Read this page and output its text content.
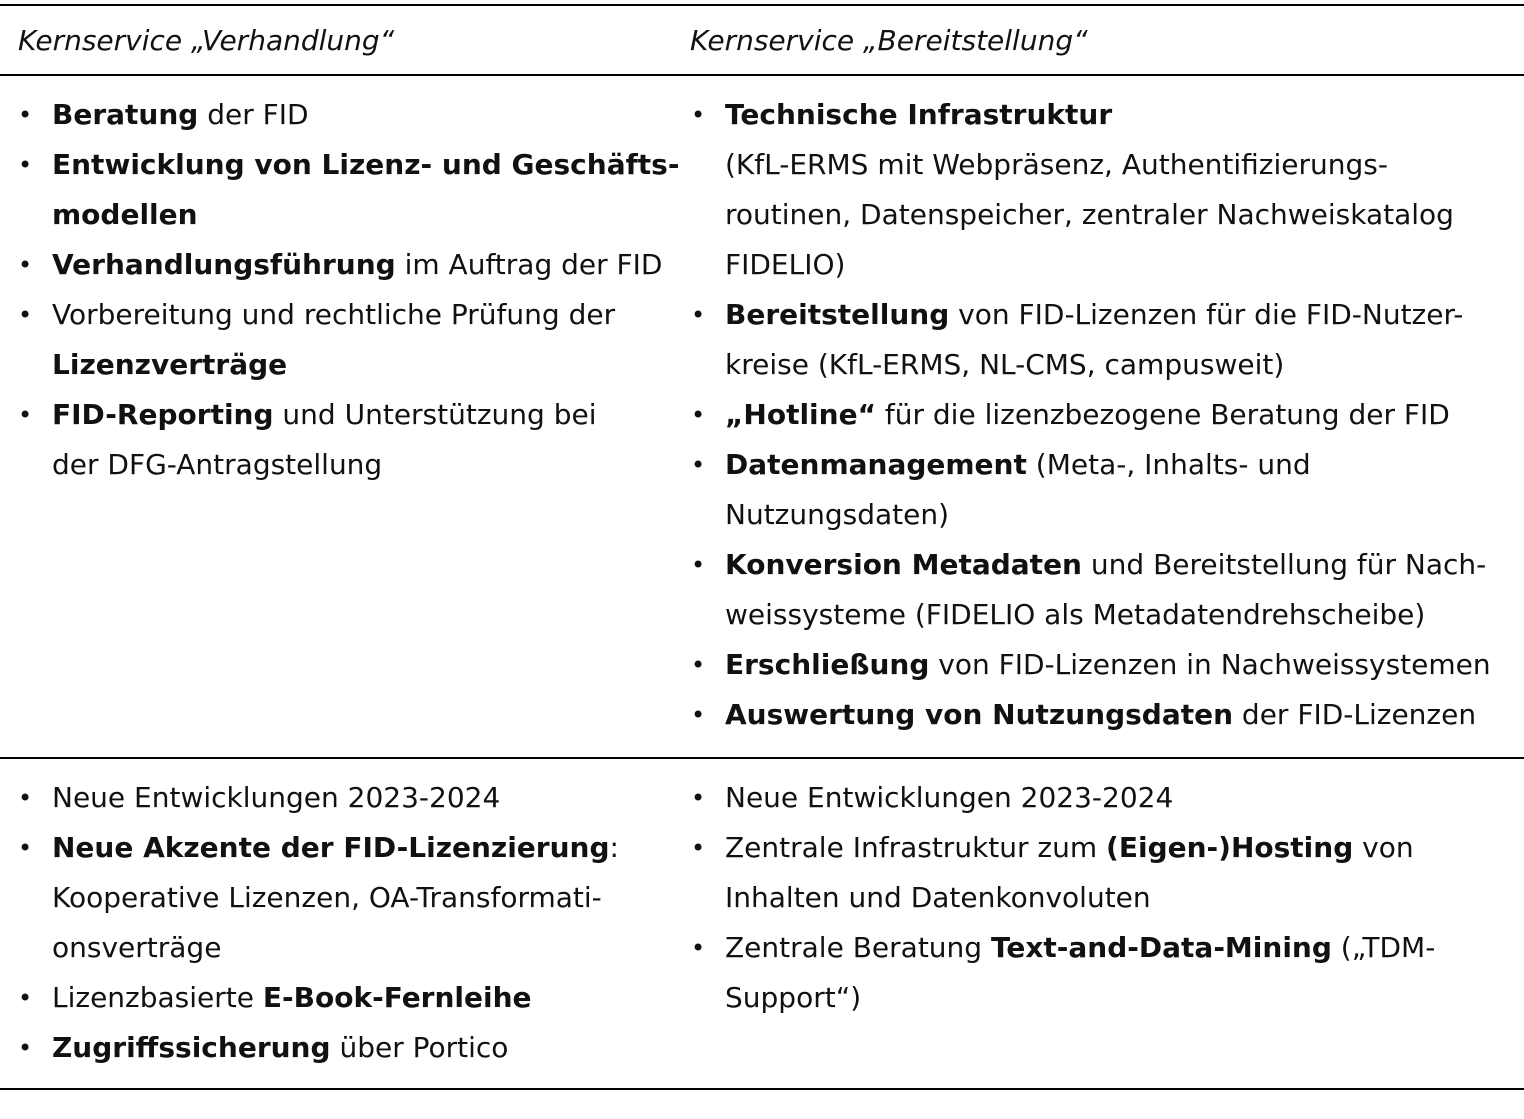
Kernservice „Verhandlung“	Kernservice „Bereitstellung“
• Beratung der FID
• Entwicklung von Lizenz- und Geschäfts-
modellen
• Verhandlungsführung im Auftrag der FID
• Vorbereitung und rechtliche Prüfung der
Lizenzverträge
• FID-Reporting und Unterstützung bei
der DFG-Antragstellung
• Technische Infrastruktur
(KfL-ERMS mit Webpräsenz, Authentifizierungs-
routinen, Datenspeicher, zentraler Nachweiskatalog
FIDELIO)
• Bereitstellung von FID-Lizenzen für die FID-Nutzer-
kreise (KfL-ERMS, NL-CMS, campusweit)
• „Hotline“ für die lizenzbezogene Beratung der FID
• Datenmanagement (Meta-, Inhalts- und
Nutzungsdaten)
• Konversion Metadaten und Bereitstellung für Nach-
weissysteme (FIDELIO als Metadatendrehscheibe)
• Erschließung von FID-Lizenzen in Nachweissystemen
• Auswertung von Nutzungsdaten der FID-Lizenzen
• Neue Entwicklungen 2023-2024
• Neue Akzente der FID-Lizenzierung:
Kooperative Lizenzen, OA-Transformati-
onsverträge
• Lizenzbasierte E-Book-Fernleihe
• Zugriffssicherung über Portico
• Neue Entwicklungen 2023-2024
• Zentrale Infrastruktur zum (Eigen-)Hosting von
Inhalten und Datenkonvoluten
• Zentrale Beratung Text-and-Data-Mining („TDM-
Support“)
